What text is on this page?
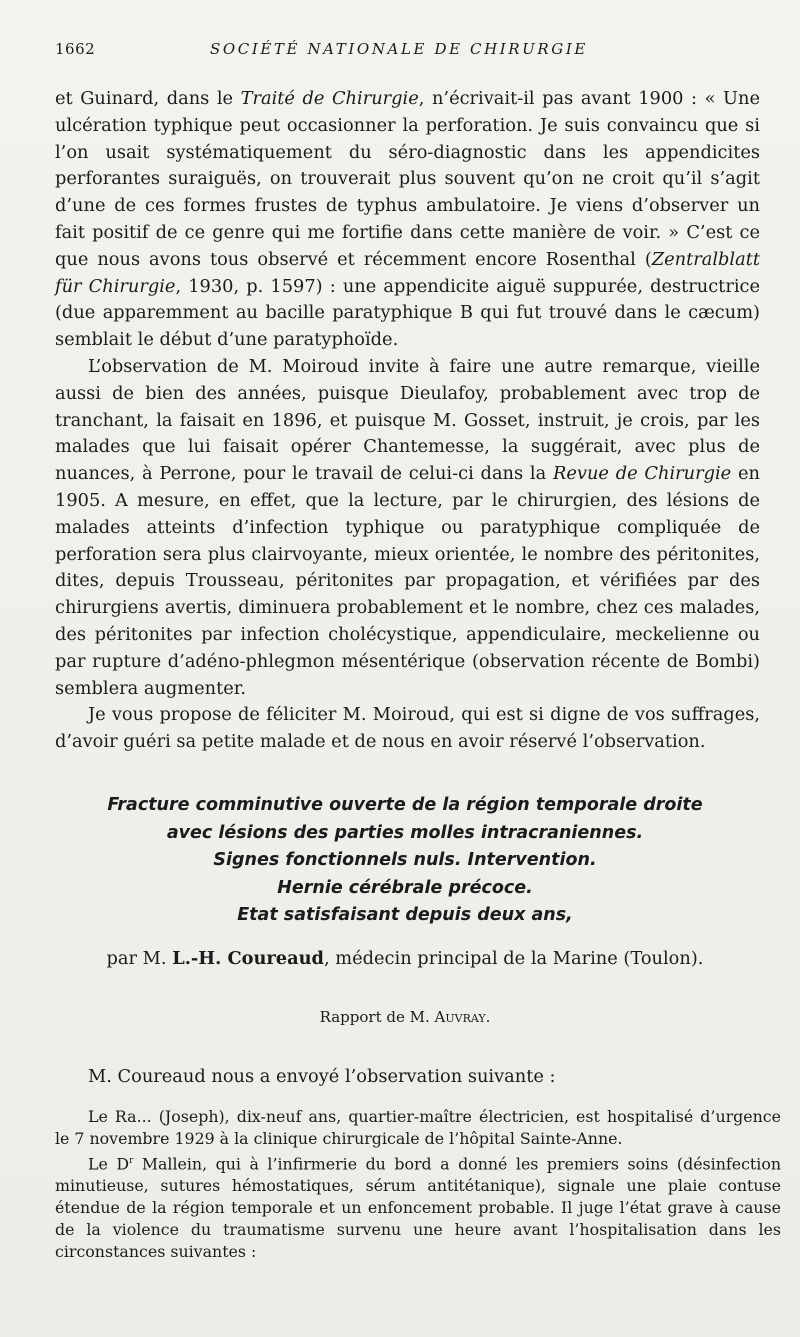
1662	SOCIÉTÉ NATIONALE DE CHIRURGIE

et Guinard, dans le Traité de Chirurgie, n’écrivait-il pas avant 1900 : « Une ulcération typhique peut occasionner la perforation. Je suis convaincu que si l’on usait systématiquement du séro-diagnostic dans les appendicites perforantes suraiguës, on trouverait plus souvent qu’on ne croit qu’il s’agit d’une de ces formes frustes de typhus ambulatoire. Je viens d’observer un fait positif de ce genre qui me fortifie dans cette manière de voir. » C’est ce que nous avons tous observé et récemment encore Rosenthal (Zentralblatt für Chirurgie, 1930, p. 1597) : une appendicite aiguë suppurée, destructrice (due apparemment au bacille paratyphique B qui fut trouvé dans le cæcum) semblait le début d’une paratyphoïde.

L’observation de M. Moiroud invite à faire une autre remarque, vieille aussi de bien des années, puisque Dieulafoy, probablement avec trop de tranchant, la faisait en 1896, et puisque M. Gosset, instruit, je crois, par les malades que lui faisait opérer Chantemesse, la suggérait, avec plus de nuances, à Perrone, pour le travail de celui-ci dans la Revue de Chirurgie en 1905. A mesure, en effet, que la lecture, par le chirurgien, des lésions de malades atteints d’infection typhique ou paratyphique compliquée de perforation sera plus clairvoyante, mieux orientée, le nombre des péritonites, dites, depuis Trousseau, péritonites par propagation, et vérifiées par des chirurgiens avertis, diminuera probablement et le nombre, chez ces malades, des péritonites par infection cholécystique, appendiculaire, meckelienne ou par rupture d’adéno-phlegmon mésentérique (observation récente de Bombi) semblera augmenter.

Je vous propose de féliciter M. Moiroud, qui est si digne de vos suffrages, d’avoir guéri sa petite malade et de nous en avoir réservé l’observation.

Fracture comminutive ouverte de la région temporale droite
avec lésions des parties molles intracraniennes.
Signes fonctionnels nuls. Intervention.
Hernie cérébrale précoce.
Etat satisfaisant depuis deux ans,
par M. L.-H. Coureaud, médecin principal de la Marine (Toulon).
Rapport de M. Auvray.
M. Coureaud nous a envoyé l’observation suivante :

Le Ra... (Joseph), dix-neuf ans, quartier-maître électricien, est hospitalisé d’urgence le 7 novembre 1929 à la clinique chirurgicale de l’hôpital Sainte-Anne.

Le $D^r$ Mallein, qui à l’infirmerie du bord a donné les premiers soins (désinfection minutieuse, sutures hémostatiques, sérum antitétanique), signale une plaie contuse étendue de la région temporale et un enfoncement probable. Il juge l’état grave à cause de la violence du traumatisme survenu une heure avant l’hospitalisation dans les circonstances suivantes :
